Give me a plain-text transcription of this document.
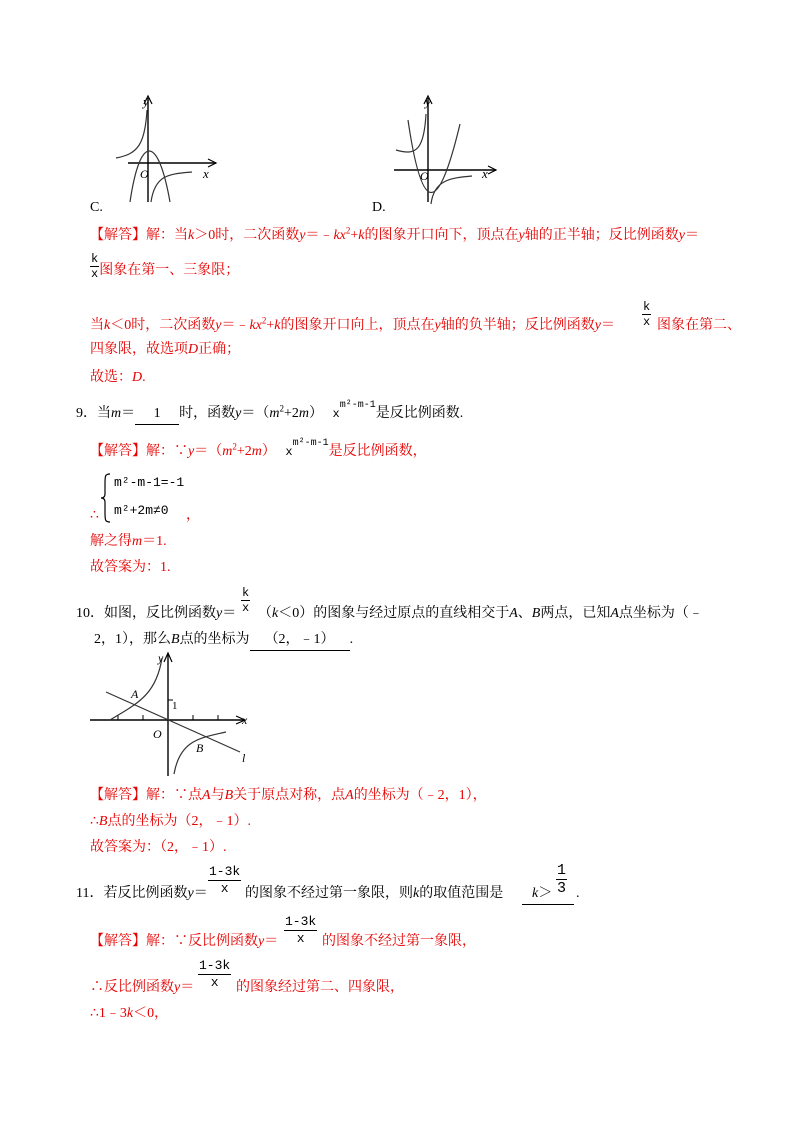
y
x
O
C.
y
x
O
D.
【解答】解：当k＞0时，二次函数$y=﹣kx^2+k$的图象开口向下，顶点在y轴的正半轴；反比例函数y＝
$\frac{k}{x}$ 图象在第一、三象限；
当k＜0时，二次函数$y=﹣kx^2+k$的图象开口向上，顶点在y轴的负半轴；反比例函数$y= \frac{k}{x}$ 图象在第二、
四象限，故选项D正确；
故选：D.
9．当m＝ 1 时，函数$y=(m^2+2m)$ $x^{m^2-m-1}$是反比例函数.
【解答】解：$\because y=(m^2+2m)$ $x^{m^2-m-1}$是反比例函数，
m²-m-1=-1
m²+2m≠0
∴	，
解之得m＝1.
故答案为：1.
$\frac{k}{x}$
10．如图，反比例函数y＝ （k＜0）的图象与经过原点的直线相交于A、B两点，已知A点坐标为（﹣
2，1），那么B点的坐标为 （2，﹣1） .
y
x
O
A
B
l
1
【解答】解：∵点A与B关于原点对称，点A的坐标为（﹣2，1），
∴B点的坐标为（2，﹣1）.
故答案为：（2，﹣1）.
$\frac{1-3k}{x}$
11．若反比例函数y＝	的图象不经过第一象限，则k的取值范围是	$k> \frac{1}{3}$ .
$\frac{1-3k}{x}$
【解答】解：∵反比例函数y＝	的图象不经过第一象限，
$\frac{1-3k}{x}$
∴反比例函数y＝	的图象经过第二、四象限，
∴1﹣3k＜0，
